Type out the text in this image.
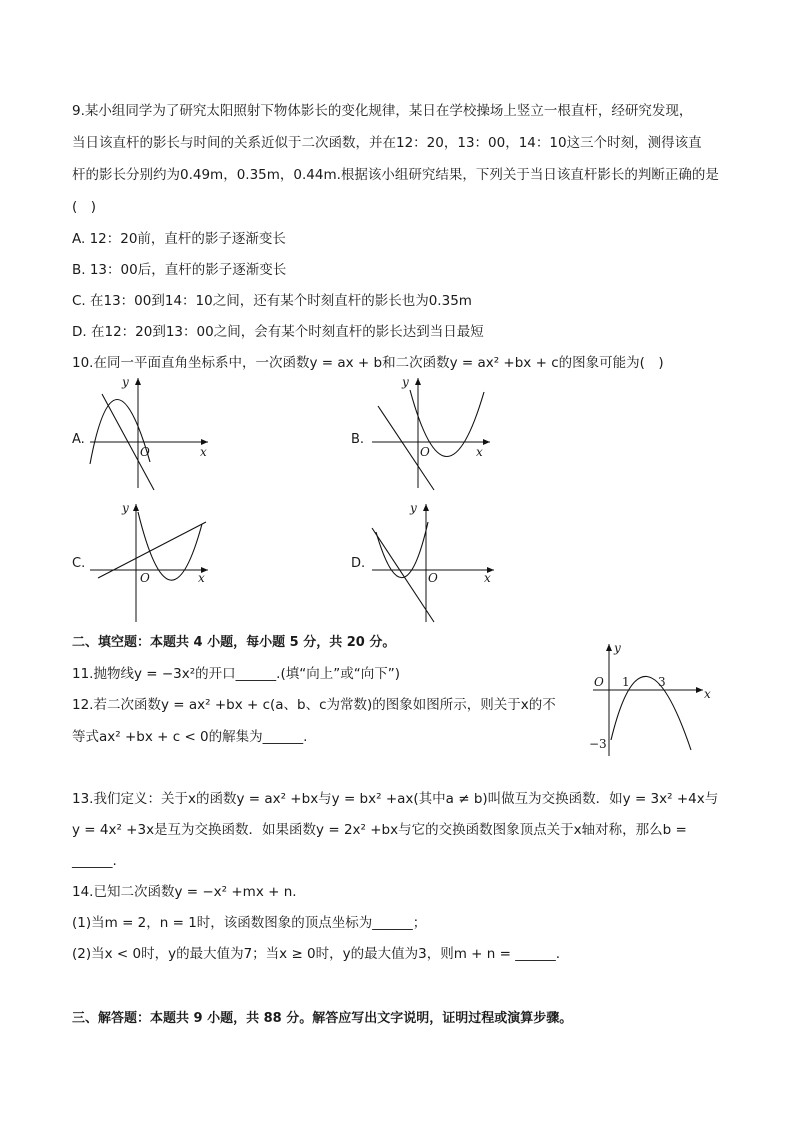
9.某小组同学为了研究太阳照射下物体影长的变化规律，某日在学校操场上竖立一根直杆，经研究发现，
当日该直杆的影长与时间的关系近似于二次函数，并在12：20，13：00，14：10这三个时刻，测得该直
杆的影长分别约为0.49m，0.35m，0.44m.根据该小组研究结果，下列关于当日该直杆影长的判断正确的是
(　)
A. 12：20前，直杆的影子逐渐变长
B. 13：00后，直杆的影子逐渐变长
C. 在13：00到14：10之间，还有某个时刻直杆的影长也为0.35m
D. 在12：20到13：00之间，会有某个时刻直杆的影长达到当日最短
10.在同一平面直角坐标系中，一次函数y = ax + b和二次函数y = ax² +bx + c的图象可能为(　)
A.
y
x
O
B.
y
x
O
C.
y
x
O
D.
y
x
O
二、填空题：本题共 4 小题，每小题 5 分，共 20 分。
11.抛物线y = −3x²的开口______.(填“向上”或“向下”)
12.若二次函数y = ax² +bx + c(a、b、c为常数)的图象如图所示，则关于x的不
等式ax² +bx + c < 0的解集为______.
y
x
O 1 3
−3
13.我们定义：关于x的函数y = ax² +bx与y = bx² +ax(其中a ≠ b)叫做互为交换函数．如y = 3x² +4x与
y = 4x² +3x是互为交换函数．如果函数y = 2x² +bx与它的交换函数图象顶点关于x轴对称，那么b =
______.
14.已知二次函数y = −x² +mx + n.
(1)当m = 2，n = 1时，该函数图象的顶点坐标为______；
(2)当x < 0时，y的最大值为7；当x ≥ 0时，y的最大值为3，则m + n = ______.
三、解答题：本题共 9 小题，共 88 分。解答应写出文字说明，证明过程或演算步骤。
